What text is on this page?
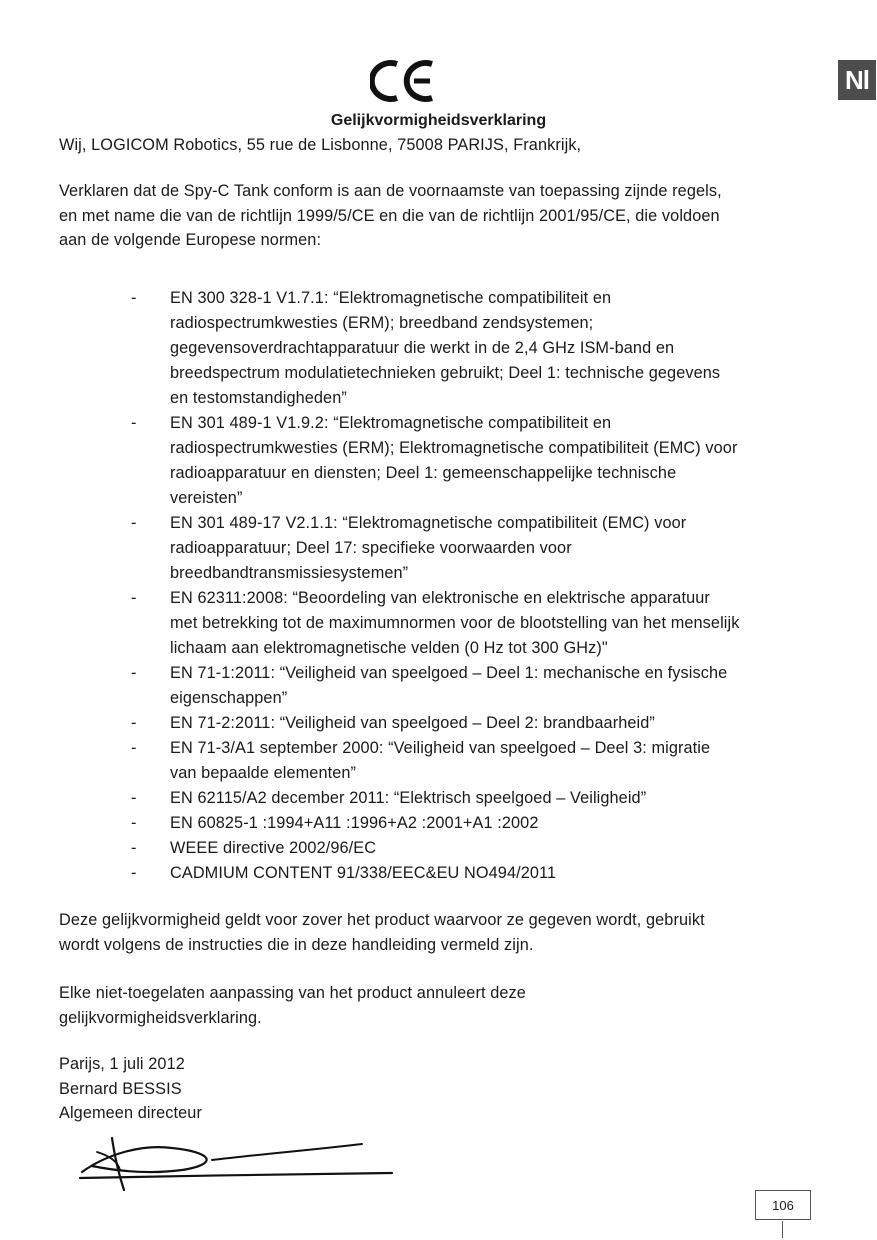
Nl
Gelijkvormigheidsverklaring

Wij, LOGICOM Robotics, 55 rue de Lisbonne, 75008 PARIJS, Frankrijk,

Verklaren dat de Spy-C Tank conform is aan de voornaamste van toepassing zijnde regels,

en met name die van de richtlijn 1999/5/CE en die van de richtlijn 2001/95/CE, die voldoen

aan de volgende Europese normen:

- EN 300 328-1 V1.7.1: “Elektromagnetische compatibiliteit en
radiospectrumkwesties (ERM); breedband zendsystemen;
gegevensoverdrachtapparatuur die werkt in de 2,4 GHz ISM-band en
breedspectrum modulatietechnieken gebruikt; Deel 1: technische gegevens
en testomstandigheden”
- EN 301 489-1 V1.9.2: “Elektromagnetische compatibiliteit en
radiospectrumkwesties (ERM); Elektromagnetische compatibiliteit (EMC) voor
radioapparatuur en diensten; Deel 1: gemeenschappelijke technische
vereisten”
- EN 301 489-17 V2.1.1: “Elektromagnetische compatibiliteit (EMC) voor
radioapparatuur; Deel 17: specifieke voorwaarden voor
breedbandtransmissiesystemen”
- EN 62311:2008: “Beoordeling van elektronische en elektrische apparatuur
met betrekking tot de maximumnormen voor de blootstelling van het menselijk
lichaam aan elektromagnetische velden (0 Hz tot 300 GHz)"
- EN 71-1:2011: “Veiligheid van speelgoed – Deel 1: mechanische en fysische
eigenschappen”
- EN 71-2:2011: “Veiligheid van speelgoed – Deel 2: brandbaarheid”
- EN 71-3/A1 september 2000: “Veiligheid van speelgoed – Deel 3: migratie
van bepaalde elementen”
- EN 62115/A2 december 2011: “Elektrisch speelgoed – Veiligheid”
- EN 60825-1 :1994+A11 :1996+A2 :2001+A1 :2002
- WEEE directive 2002/96/EC
- CADMIUM CONTENT 91/338/EEC&EU NO494/2011

Deze gelijkvormigheid geldt voor zover het product waarvoor ze gegeven wordt, gebruikt

wordt volgens de instructies die in deze handleiding vermeld zijn.

Elke niet-toegelaten aanpassing van het product annuleert deze

gelijkvormigheidsverklaring.

Parijs, 1 juli 2012

Bernard BESSIS

Algemeen directeur

106
